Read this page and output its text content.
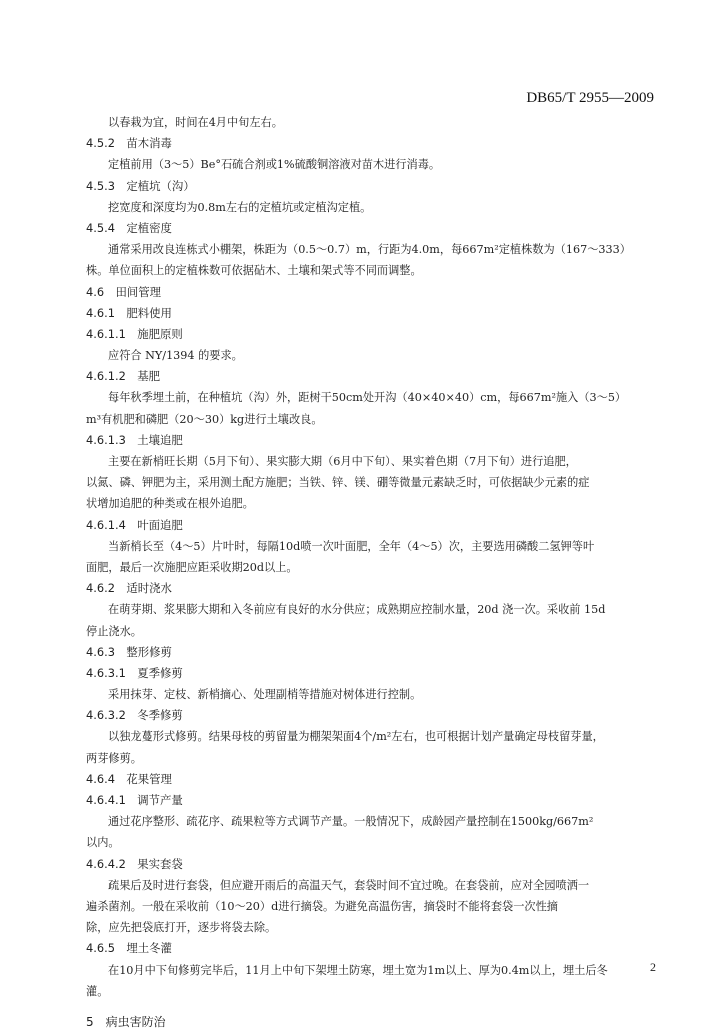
DB65/T 2955—2009
以春栽为宜，时间在4月中旬左右。
4.5.2　苗木消毒
定植前用（3～5）Be°石硫合剂或1%硫酸铜溶液对苗木进行消毒。
4.5.3　定植坑（沟）
挖宽度和深度均为0.8m左右的定植坑或定植沟定植。
4.5.4　定植密度
通常采用改良连栋式小棚架，株距为（0.5～0.7）m，行距为4.0m，每667m²定植株数为（167～333）
株。单位面积上的定植株数可依据砧木、土壤和架式等不同而调整。
4.6　田间管理
4.6.1　肥料使用
4.6.1.1　施肥原则
应符合 NY/1394 的要求。
4.6.1.2　基肥
每年秋季埋土前，在种植坑（沟）外，距树干50cm处开沟（40×40×40）cm，每667m²施入（3～5）
m³有机肥和磷肥（20～30）kg进行土壤改良。
4.6.1.3　土壤追肥
主要在新梢旺长期（5月下旬）、果实膨大期（6月中下旬）、果实着色期（7月下旬）进行追肥，
以氮、磷、钾肥为主，采用测土配方施肥；当铁、锌、镁、硼等微量元素缺乏时，可依据缺少元素的症
状增加追肥的种类或在根外追肥。
4.6.1.4　叶面追肥
当新梢长至（4～5）片叶时，每隔10d喷一次叶面肥，全年（4～5）次，主要选用磷酸二氢钾等叶
面肥，最后一次施肥应距采收期20d以上。
4.6.2　适时浇水
在萌芽期、浆果膨大期和入冬前应有良好的水分供应；成熟期应控制水量，20d 浇一次。采收前 15d
停止浇水。
4.6.3　整形修剪
4.6.3.1　夏季修剪
采用抹芽、定枝、新梢摘心、处理副梢等措施对树体进行控制。
4.6.3.2　冬季修剪
以独龙蔓形式修剪。结果母枝的剪留量为棚架架面4个/m²左右，也可根据计划产量确定母枝留芽量，
两芽修剪。
4.6.4　花果管理
4.6.4.1　调节产量
通过花序整形、疏花序、疏果粒等方式调节产量。一般情况下，成龄园产量控制在1500kg/667m²
以内。
4.6.4.2　果实套袋
疏果后及时进行套袋，但应避开雨后的高温天气，套袋时间不宜过晚。在套袋前，应对全园喷洒一
遍杀菌剂。一般在采收前（10～20）d进行摘袋。为避免高温伤害，摘袋时不能将套袋一次性摘
除，应先把袋底打开，逐步将袋去除。
4.6.5　埋土冬灌
在10月中下旬修剪完毕后，11月上中旬下架埋土防寒，埋土宽为1m以上、厚为0.4m以上，埋土后冬
灌。
5　病虫害防治
2
